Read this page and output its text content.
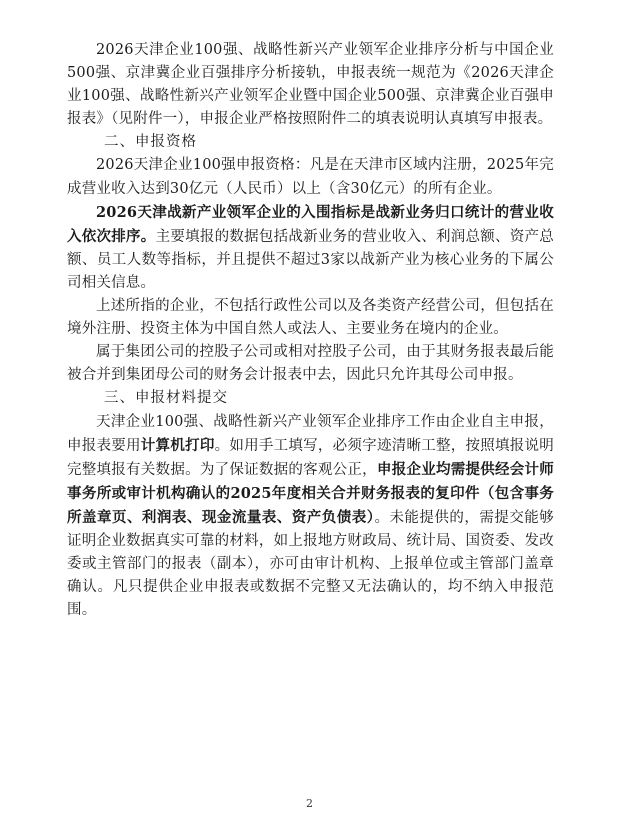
2026天津企业100强、战略性新兴产业领军企业排序分析与中国企业500强、京津冀企业百强排序分析接轨，申报表统一规范为《2026天津企业100强、战略性新兴产业领军企业暨中国企业500强、京津冀企业百强申报表》（见附件一），申报企业严格按照附件二的填表说明认真填写申报表。

二、申报资格

2026天津企业100强申报资格：凡是在天津市区域内注册，2025年完成营业收入达到30亿元（人民币）以上（含30亿元）的所有企业。

2026天津战新产业领军企业的入围指标是战新业务归口统计的营业收入依次排序。主要填报的数据包括战新业务的营业收入、利润总额、资产总额、员工人数等指标，并且提供不超过3家以战新产业为核心业务的下属公司相关信息。

上述所指的企业，不包括行政性公司以及各类资产经营公司，但包括在境外注册、投资主体为中国自然人或法人、主要业务在境内的企业。

属于集团公司的控股子公司或相对控股子公司，由于其财务报表最后能被合并到集团母公司的财务会计报表中去，因此只允许其母公司申报。

三、申报材料提交

天津企业100强、战略性新兴产业领军企业排序工作由企业自主申报，申报表要用计算机打印。如用手工填写，必须字迹清晰工整，按照填报说明完整填报有关数据。为了保证数据的客观公正，申报企业均需提供经会计师事务所或审计机构确认的2025年度相关合并财务报表的复印件（包含事务所盖章页、利润表、现金流量表、资产负债表）。未能提供的，需提交能够证明企业数据真实可靠的材料，如上报地方财政局、统计局、国资委、发改委或主管部门的报表（副本），亦可由审计机构、上报单位或主管部门盖章确认。凡只提供企业申报表或数据不完整又无法确认的，均不纳入申报范围。

2
